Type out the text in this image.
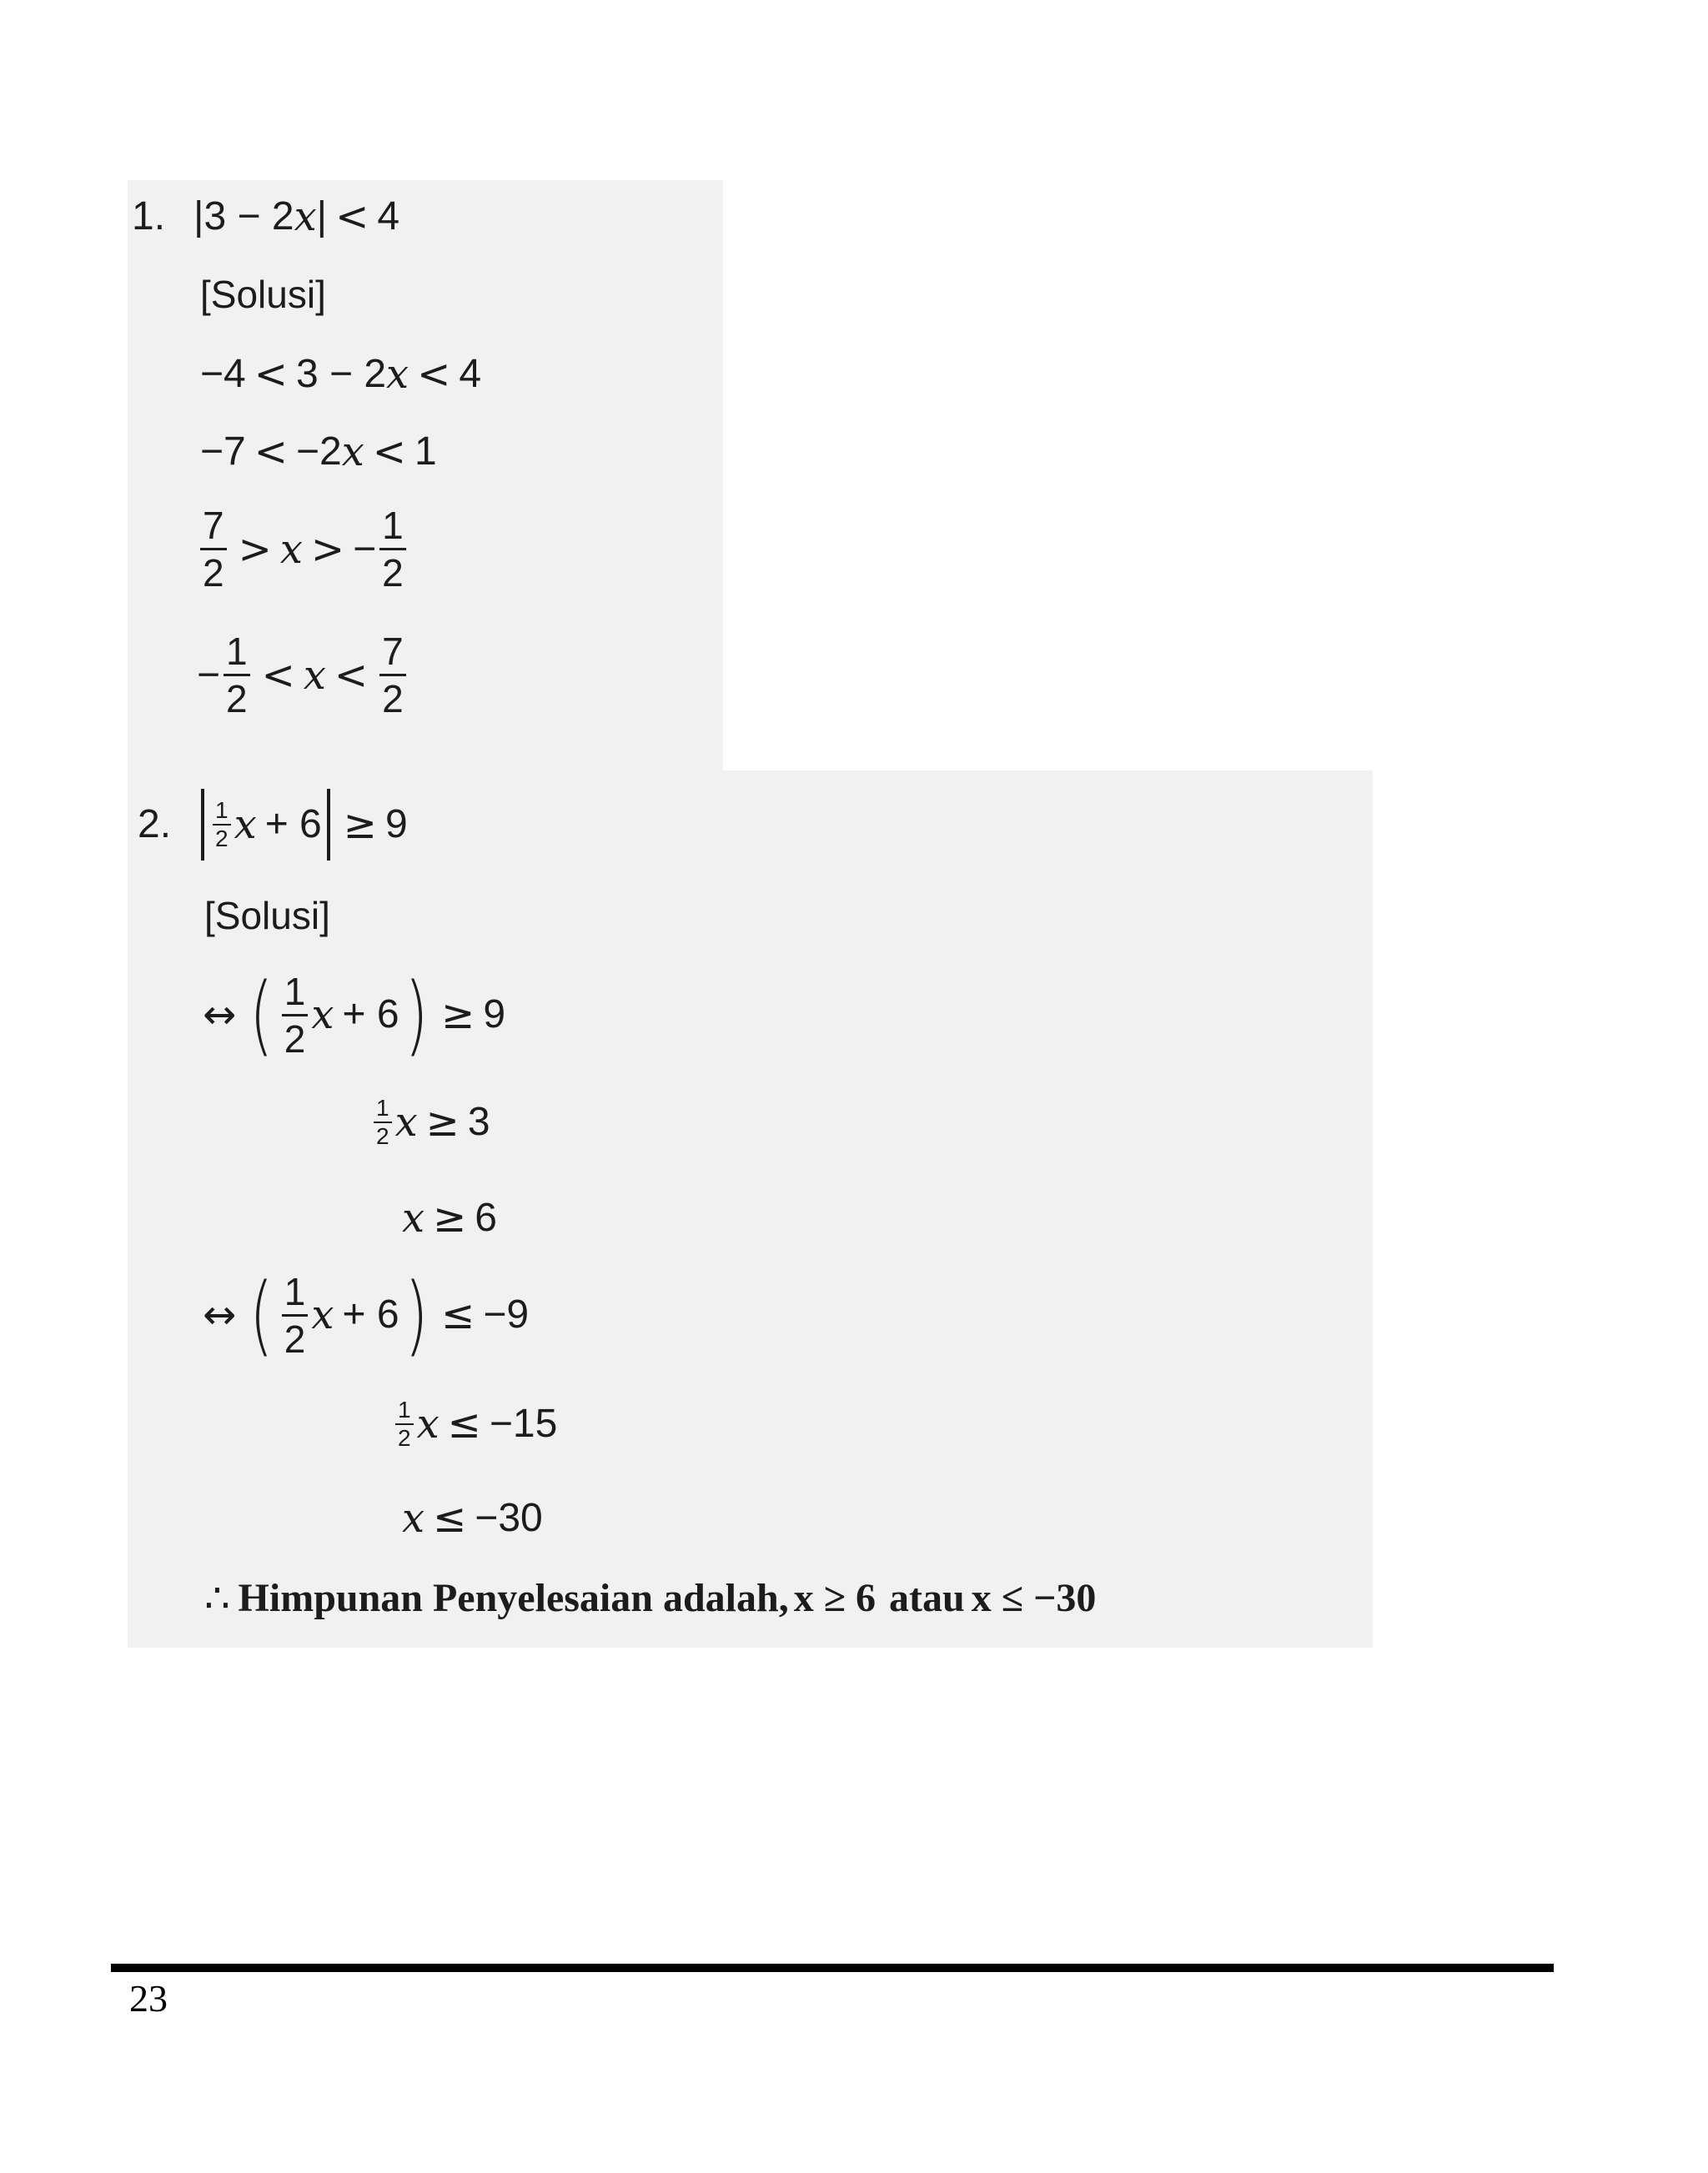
1. | 3 − 2 x | < 4
[Solusi]
−4 < 3 − 2 x < 4
−7 < −2 x < 1
$\frac{7}{2} > x$ > − $\frac{1}{2}$
− $\frac{1}{2} < x < \frac{7}{2}$
2. $\frac{1}{2}$ x + 6 ≥ 9
[Solusi]
↔ ( $\frac{1}{2}$ x + 6 ) ≥ 9
$\frac{1}{2}$ x ≥ 3
x ≥ 6
↔ ( $\frac{1}{2}$ x + 6 ) ≤ −9
$\frac{1}{2}$ x ≤ −15
x ≤ −30
∴ Himpunan Penyelesaian adalah, x ≥ 6 atau x ≤ −30
23
